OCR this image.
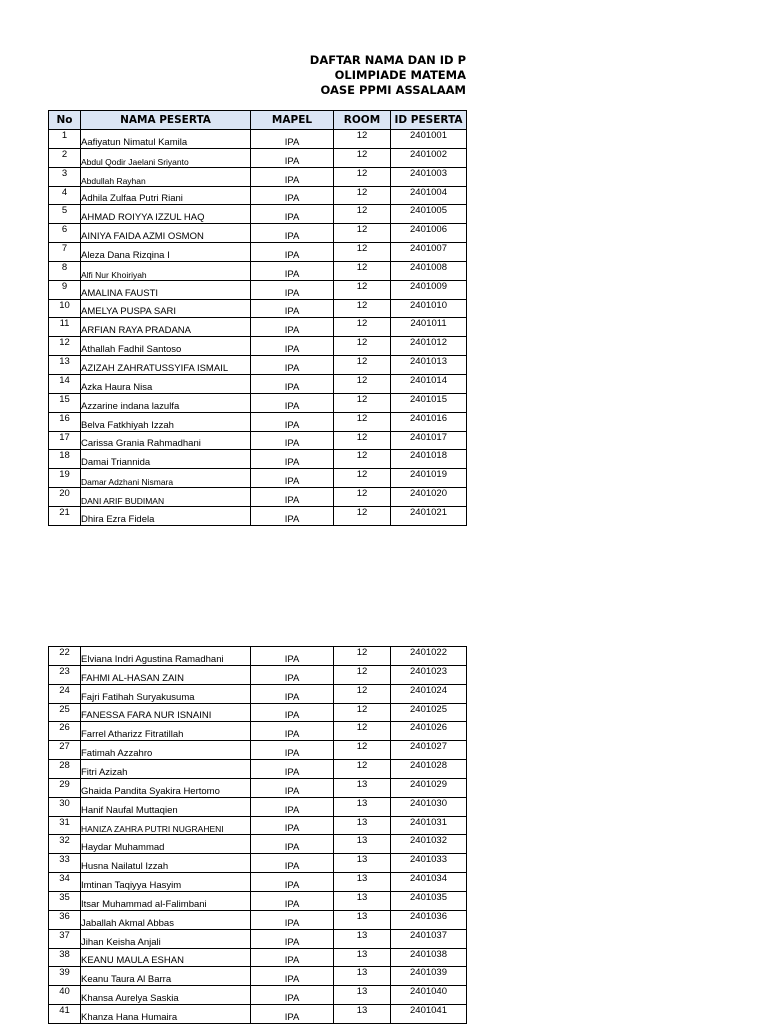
DAFTAR NAMA DAN ID P
OLIMPIADE MATEMA
OASE PPMI ASSALAAM
No	NAMA PESERTA	MAPEL	ROOM	ID PESERTA
1	Aafiyatun Nimatul Kamila	IPA	12	2401001
2	Abdul Qodir Jaelani Sriyanto	IPA	12	2401002
3	Abdullah Rayhan	IPA	12	2401003
4	Adhila Zulfaa Putri Riani	IPA	12	2401004
5	AHMAD ROIYYA IZZUL HAQ	IPA	12	2401005
6	AINIYA FAIDA AZMI OSMON	IPA	12	2401006
7	Aleza Dana Rizqina I	IPA	12	2401007
8	Alfi Nur Khoiriyah	IPA	12	2401008
9	AMALINA FAUSTI	IPA	12	2401009
10	AMELYA PUSPA SARI	IPA	12	2401010
11	ARFIAN RAYA PRADANA	IPA	12	2401011
12	Athallah Fadhil Santoso	IPA	12	2401012
13	AZIZAH ZAHRATUSSYIFA ISMAIL	IPA	12	2401013
14	Azka Haura Nisa	IPA	12	2401014
15	Azzarine indana lazulfa	IPA	12	2401015
16	Belva Fatkhiyah Izzah	IPA	12	2401016
17	Carissa Grania Rahmadhani	IPA	12	2401017
18	Damai Triannida	IPA	12	2401018
19	Damar Adzhani Nismara	IPA	12	2401019
20	DANI ARIF BUDIMAN	IPA	12	2401020
21	Dhira Ezra Fidela	IPA	12	2401021
22	Elviana Indri Agustina Ramadhani	IPA	12	2401022
23	FAHMI AL-HASAN ZAIN	IPA	12	2401023
24	Fajri Fatihah Suryakusuma	IPA	12	2401024
25	FANESSA FARA NUR ISNAINI	IPA	12	2401025
26	Farrel Atharizz Fitratillah	IPA	12	2401026
27	Fatimah Azzahro	IPA	12	2401027
28	Fitri Azizah	IPA	12	2401028
29	Ghaida Pandita Syakira Hertomo	IPA	13	2401029
30	Hanif Naufal Muttaqien	IPA	13	2401030
31	HANIZA ZAHRA PUTRI NUGRAHENI	IPA	13	2401031
32	Haydar Muhammad	IPA	13	2401032
33	Husna Nailatul Izzah	IPA	13	2401033
34	Imtinan Taqiyya Hasyim	IPA	13	2401034
35	Itsar Muhammad al-Falimbani	IPA	13	2401035
36	Jaballah Akmal Abbas	IPA	13	2401036
37	Jihan Keisha Anjali	IPA	13	2401037
38	KEANU MAULA ESHAN	IPA	13	2401038
39	Keanu Taura Al Barra	IPA	13	2401039
40	Khansa Aurelya Saskia	IPA	13	2401040
41	Khanza Hana Humaira	IPA	13	2401041
